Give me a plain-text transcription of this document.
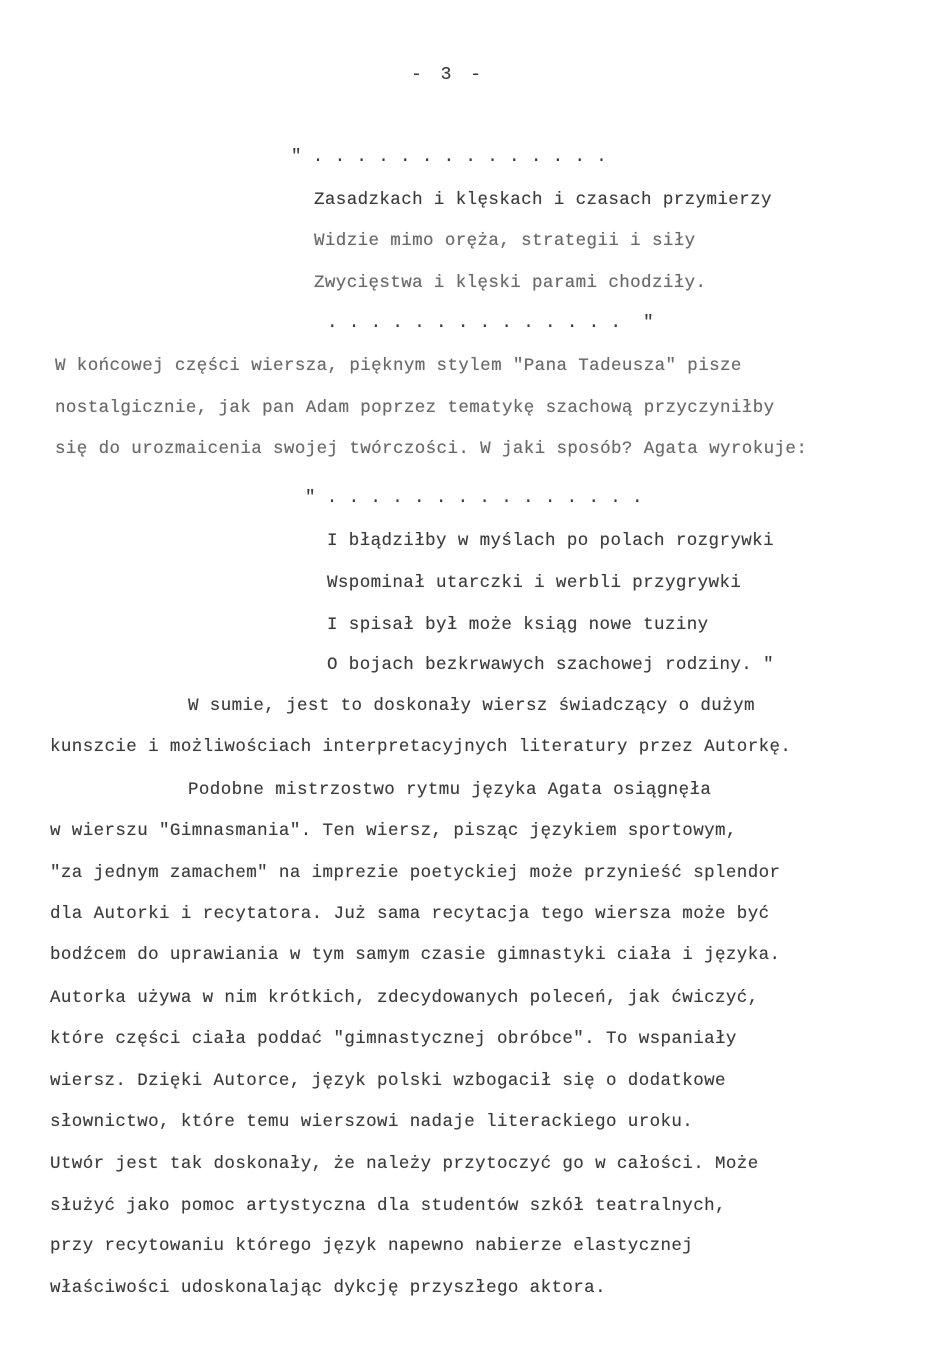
- 3 -
" . . . . . . . . . . . . . .
Zasadzkach i klęskach i czasach przymierzy
Widzie mimo oręża, strategii i siły
Zwycięstwa i klęski parami chodziły.
. . . . . . . . . . . . . .  "
W końcowej części wiersza, pięknym stylem "Pana Tadeusza" pisze
nostalgicznie, jak pan Adam poprzez tematykę szachową przyczyniłby
się do urozmaicenia swojej twórczości. W jaki sposób? Agata wyrokuje:
" . . . . . . . . . . . . . . .
I błądziłby w myślach po polach rozgrywki
Wspominał utarczki i werbli przygrywki
I spisał był może ksiąg nowe tuziny
O bojach bezkrwawych szachowej rodziny. "
W sumie, jest to doskonały wiersz świadczący o dużym
kunszcie i możliwościach interpretacyjnych literatury przez Autorkę.
Podobne mistrzostwo rytmu języka Agata osiągnęła
w wierszu "Gimnasmania". Ten wiersz, pisząc językiem sportowym,
"za jednym zamachem" na imprezie poetyckiej może przynieść splendor
dla Autorki i recytatora. Już sama recytacja tego wiersza może być
bodźcem do uprawiania w tym samym czasie gimnastyki ciała i języka.
Autorka używa w nim krótkich, zdecydowanych poleceń, jak ćwiczyć,
które części ciała poddać "gimnastycznej obróbce". To wspaniały
wiersz. Dzięki Autorce, język polski wzbogacił się o dodatkowe
słownictwo, które temu wierszowi nadaje literackiego uroku.
Utwór jest tak doskonały, że należy przytoczyć go w całości. Może
służyć jako pomoc artystyczna dla studentów szkół teatralnych,
przy recytowaniu którego język napewno nabierze elastycznej
właściwości udoskonalając dykcję przyszłego aktora.
